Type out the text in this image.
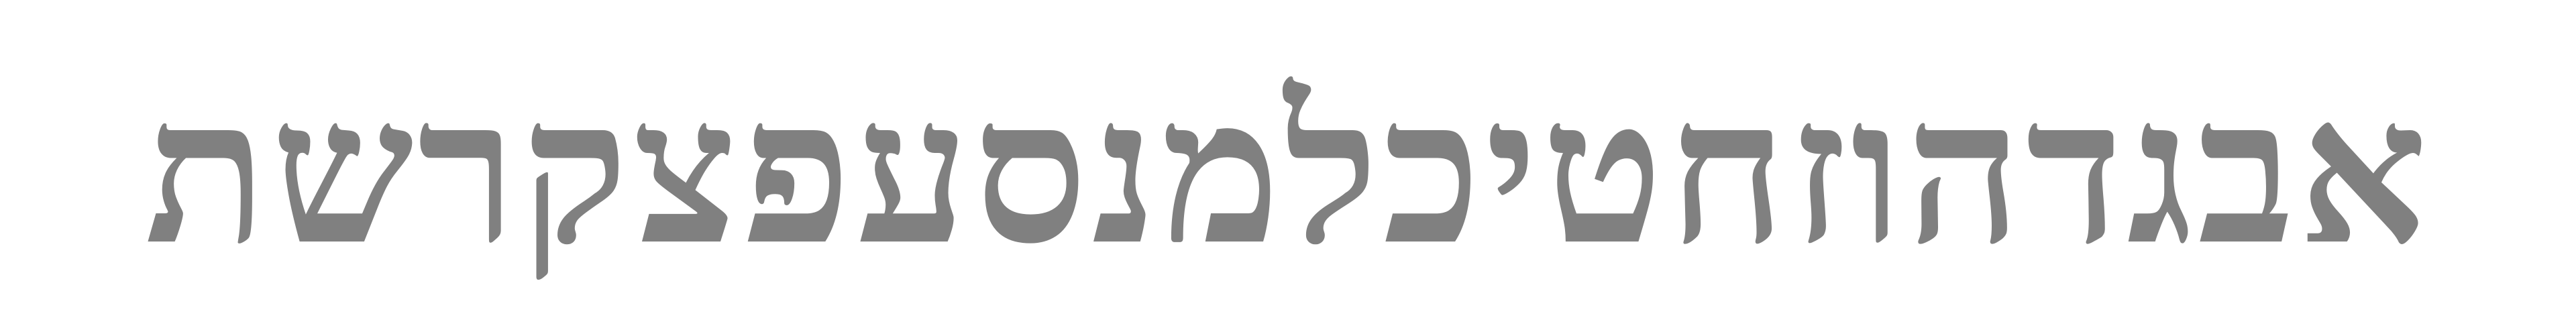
אבגדהוזחטיכלמנסעפצקרשת
